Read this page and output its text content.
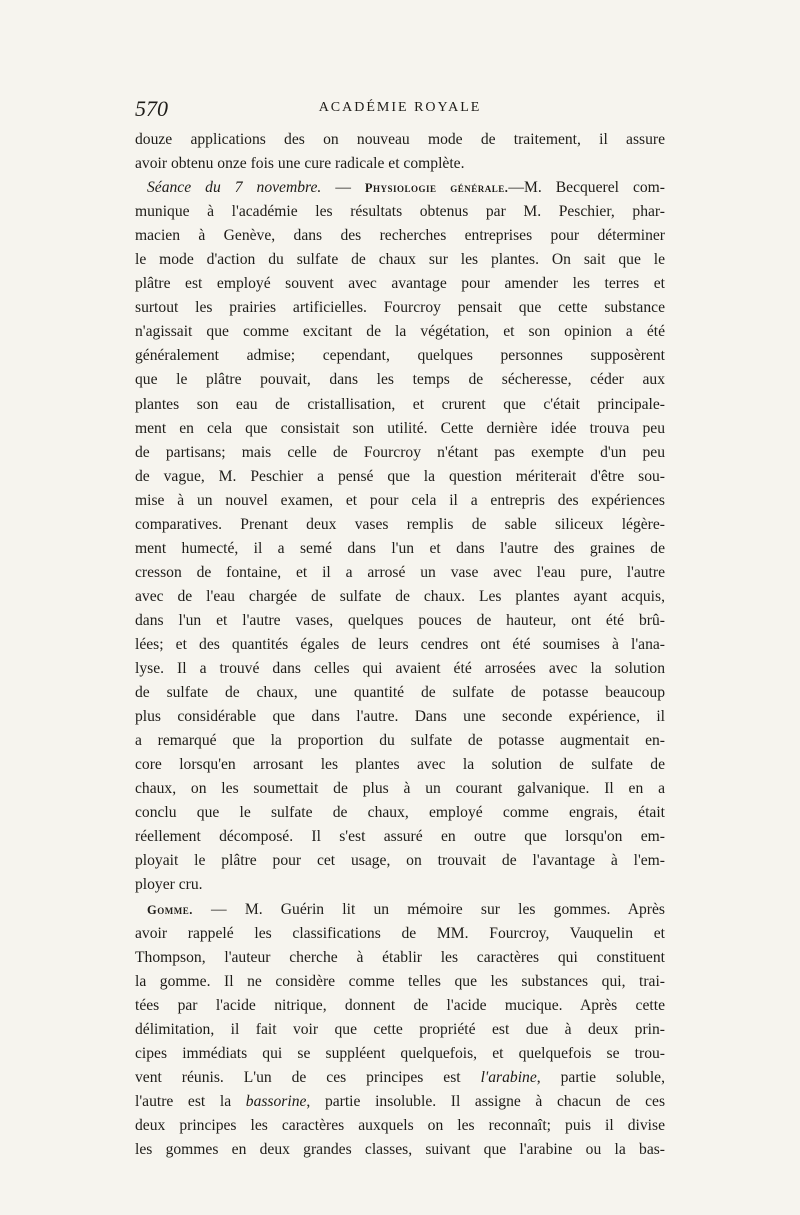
570	ACADÉMIE ROYALE
douze applications des on nouveau mode de traitement, il assure
avoir obtenu onze fois une cure radicale et complète.
Séance du 7 novembre. — Physiologie générale.—M. Becquerel com-
munique à l'académie les résultats obtenus par M. Peschier, phar-
macien à Genève, dans des recherches entreprises pour déterminer
le mode d'action du sulfate de chaux sur les plantes. On sait que le
plâtre est employé souvent avec avantage pour amender les terres et
surtout les prairies artificielles. Fourcroy pensait que cette substance
n'agissait que comme excitant de la végétation, et son opinion a été
généralement admise; cependant, quelques personnes supposèrent
que le plâtre pouvait, dans les temps de sécheresse, céder aux
plantes son eau de cristallisation, et crurent que c'était principale-
ment en cela que consistait son utilité. Cette dernière idée trouva peu
de partisans; mais celle de Fourcroy n'étant pas exempte d'un peu
de vague, M. Peschier a pensé que la question mériterait d'être sou-
mise à un nouvel examen, et pour cela il a entrepris des expériences
comparatives. Prenant deux vases remplis de sable siliceux légère-
ment humecté, il a semé dans l'un et dans l'autre des graines de
cresson de fontaine, et il a arrosé un vase avec l'eau pure, l'autre
avec de l'eau chargée de sulfate de chaux. Les plantes ayant acquis,
dans l'un et l'autre vases, quelques pouces de hauteur, ont été brû-
lées; et des quantités égales de leurs cendres ont été soumises à l'ana-
lyse. Il a trouvé dans celles qui avaient été arrosées avec la solution
de sulfate de chaux, une quantité de sulfate de potasse beaucoup
plus considérable que dans l'autre. Dans une seconde expérience, il
a remarqué que la proportion du sulfate de potasse augmentait en-
core lorsqu'en arrosant les plantes avec la solution de sulfate de
chaux, on les soumettait de plus à un courant galvanique. Il en a
conclu que le sulfate de chaux, employé comme engrais, était
réellement décomposé. Il s'est assuré en outre que lorsqu'on em-
ployait le plâtre pour cet usage, on trouvait de l'avantage à l'em-
ployer cru.
Gomme. — M. Guérin lit un mémoire sur les gommes. Après
avoir rappelé les classifications de MM. Fourcroy, Vauquelin et
Thompson, l'auteur cherche à établir les caractères qui constituent
la gomme. Il ne considère comme telles que les substances qui, trai-
tées par l'acide nitrique, donnent de l'acide mucique. Après cette
délimitation, il fait voir que cette propriété est due à deux prin-
cipes immédiats qui se suppléent quelquefois, et quelquefois se trou-
vent réunis. L'un de ces principes est l'arabine, partie soluble,
l'autre est la bassorine, partie insoluble. Il assigne à chacun de ces
deux principes les caractères auxquels on les reconnaît; puis il divise
les gommes en deux grandes classes, suivant que l'arabine ou la bas-
